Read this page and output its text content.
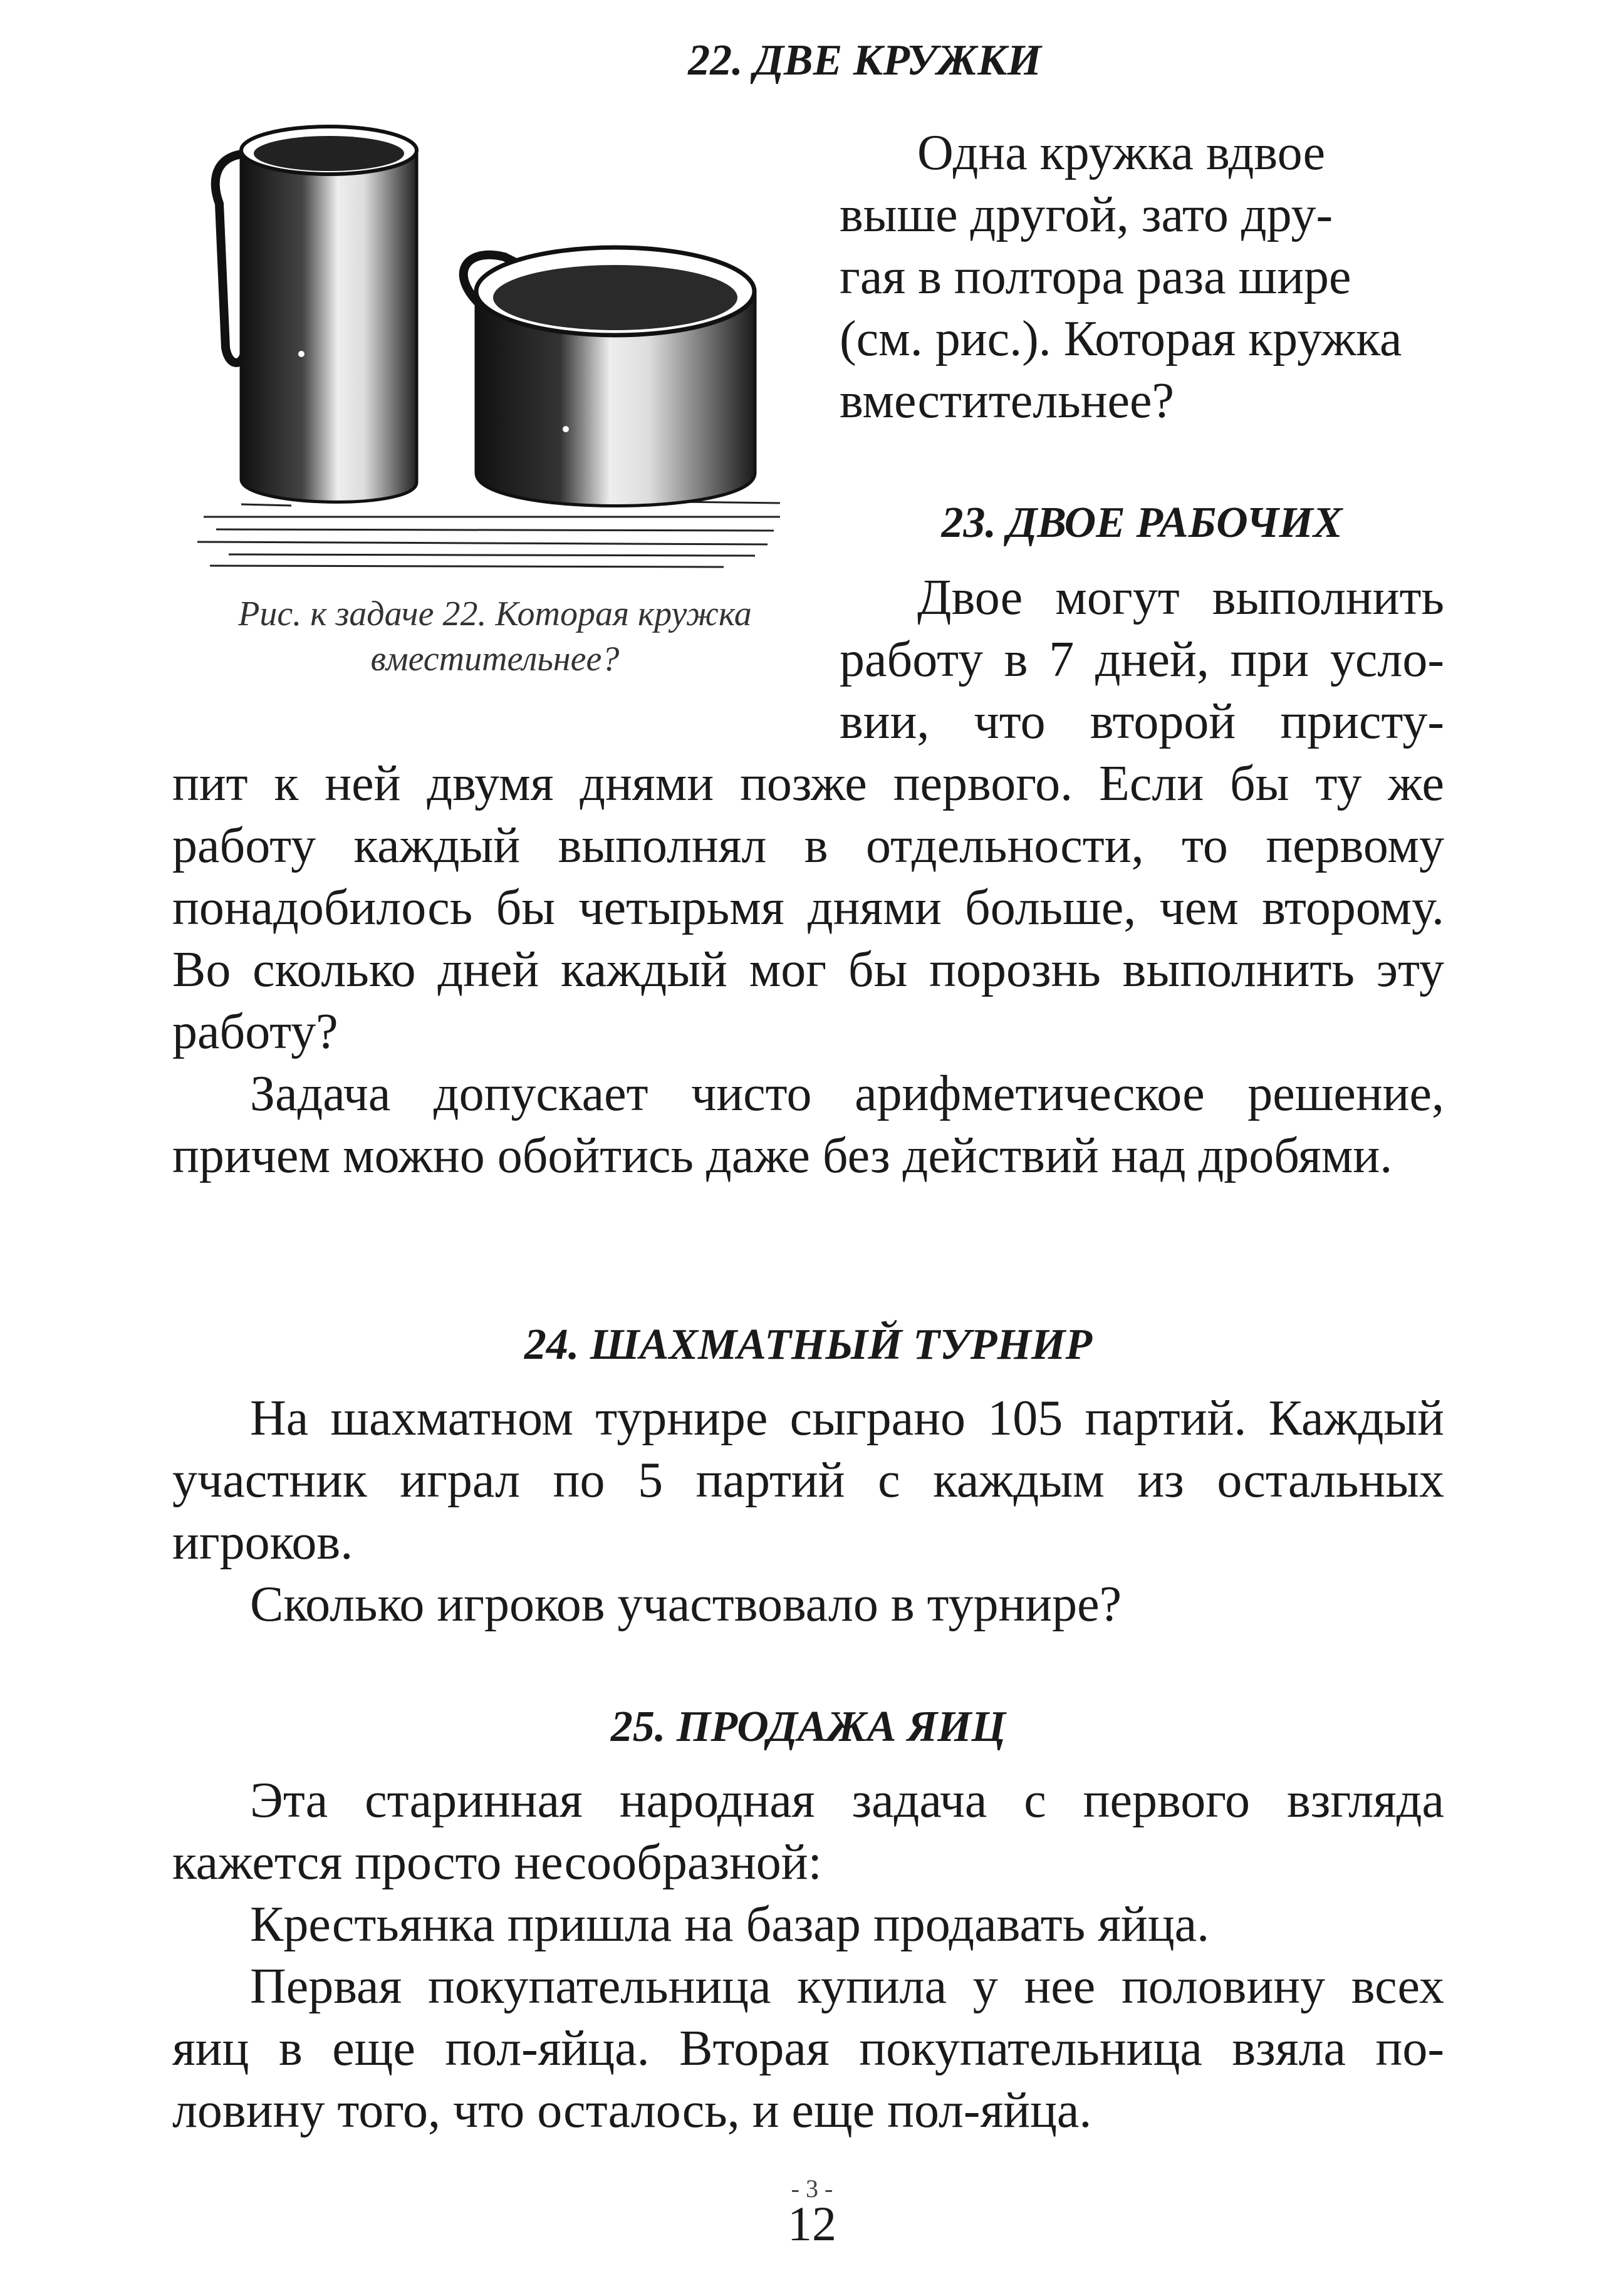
22. ДВЕ КРУЖКИ
Рис. к задаче 22. Которая кружка вместительнее?

Одна кружка вдвое
выше другой, зато дру-
гая в полтора раза шире
(см. рис.). Которая кружка
вместительнее?

23. ДВОЕ РАБОЧИХ

Двое могут выполнить
работу в 7 дней, при усло-
вии, что второй присту-

пит к ней двумя днями позже первого. Если бы ту же работу каждый выполнял в отдельности, то первому понадобилось бы четырьмя днями больше, чем второму. Во сколько дней каждый мог бы порознь выполнить эту работу?

Задача допускает чисто арифметическое решение, причем можно обойтись даже без действий над дробями.

24. ШАХМАТНЫЙ ТУРНИР

На шахматном турнире сыграно 105 партий. Каждый участник играл по 5 партий с каждым из остальных игроков.

Сколько игроков участвовало в турнире?

25. ПРОДАЖА ЯИЦ

Эта старинная народная задача с первого взгляда кажется просто несообразной:

Крестьянка пришла на базар продавать яйца.

Первая покупательница купила у нее половину всех яиц в еще пол-яйца. Вторая покупательница взяла половину того, что осталось, и еще пол-яйца.

- 3 -
12
